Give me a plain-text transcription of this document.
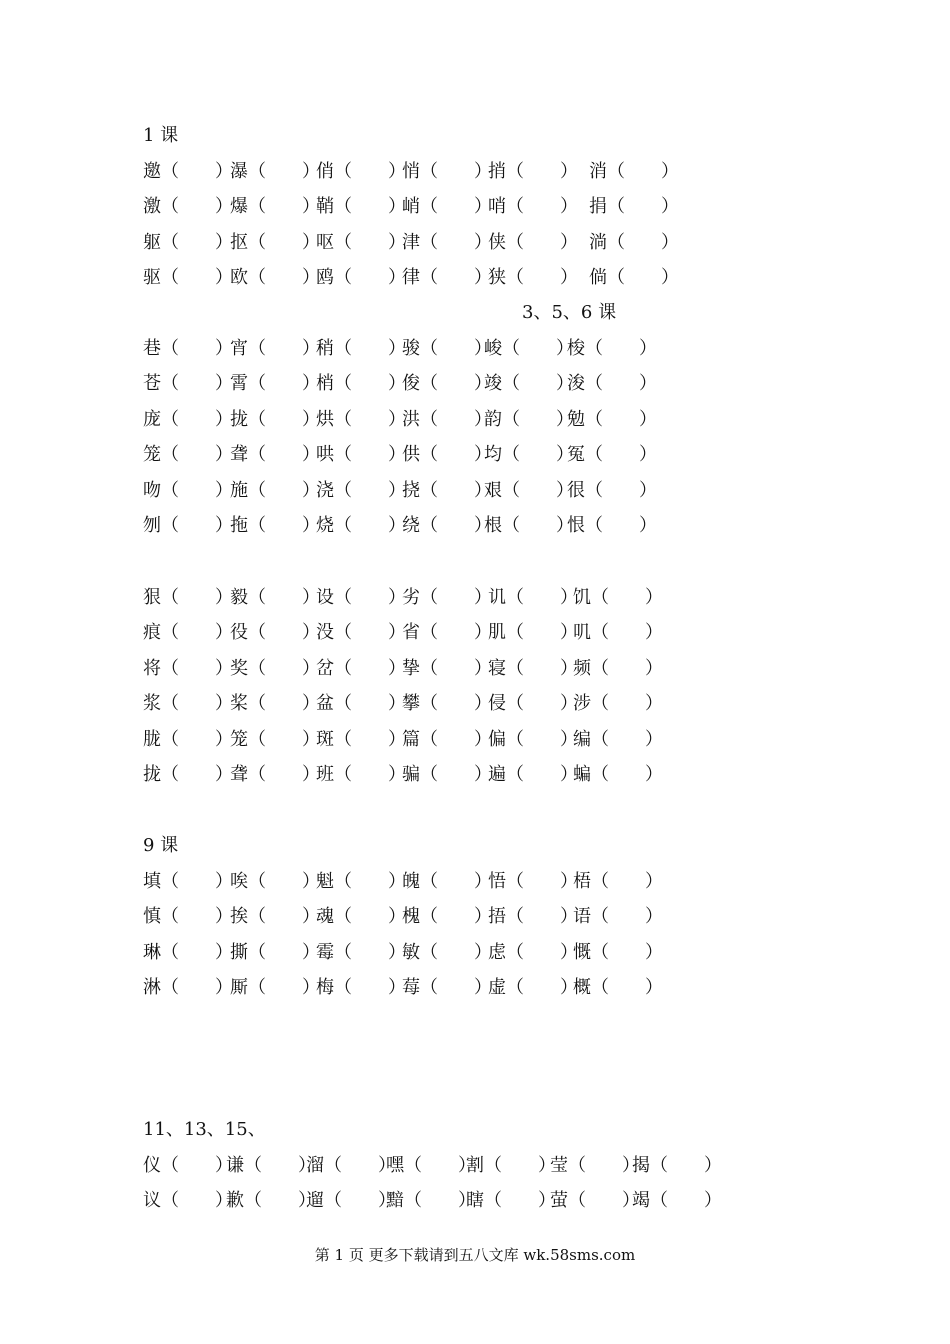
1 课
邀（　　）
瀑（　　）
俏（　　）
悄（　　）
捎（　　） 消（　　）
激（　　）
爆（　　）
鞘（　　）
峭（　　）
哨（　　） 捐（　　）
躯（　　）
抠（　　）
呕（　　）
津（　　）
侠（　　） 淌（　　）
驱（　　）
欧（　　）
鸥（　　）
律（　　）
狭（　　） 倘（　　）
3、5、6 课
巷（　　）
宵（　　）
稍（　　）
骏（　　）
峻（　　）
梭（　　）
苍（　　）
霄（　　）
梢（　　）
俊（　　）
竣（　　）
浚（　　）
庞（　　）
拢（　　）
烘（　　）
洪（　　）
韵（　　）
勉（　　）
笼（　　）
聋（　　）
哄（　　）
供（　　）
均（　　）
冤（　　）
吻（　　）
施（　　）
浇（　　）
挠（　　）
艰（　　）
很（　　）
刎（　　）
拖（　　）
烧（　　）
绕（　　）
根（　　）
恨（　　）
狠（　　）
毅（　　）
设（　　）
劣（　　）
讥（　　）
饥（　　）
痕（　　）
役（　　）
没（　　）
省（　　）
肌（　　）
叽（　　）
将（　　）
奖（　　）
岔（　　）
挚（　　）
寝（　　）
频（　　）
浆（　　）
桨（　　）
盆（　　）
攀（　　）
侵（　　）
涉（　　）
胧（　　）
笼（　　）
斑（　　）
篇（　　）
偏（　　）
编（　　）
拢（　　）
聋（　　）
班（　　）
骗（　　）
遍（　　）
蝙（　　）
9 课
填（　　）
唉（　　）
魁（　　）
魄（　　）
悟（　　）
梧（　　）
慎（　　）
挨（　　）
魂（　　）
槐（　　）
捂（　　）
语（　　）
琳（　　）
撕（　　）
霉（　　）
敏（　　）
虑（　　）
慨（　　）
淋（　　）
厮（　　）
梅（　　）
莓（　　）
虚（　　）
概（　　）
11、13、15、
仪（　　）
谦（　　）
溜（　　）
嘿（　　）
割（　　）
莹（　　）
揭（　　）
议（　　）
歉（　　）
遛（　　）
黯（　　）
瞎（　　）
萤（　　）
竭（　　）
第 1 页 更多下载请到五八文库 wk.58sms.com
